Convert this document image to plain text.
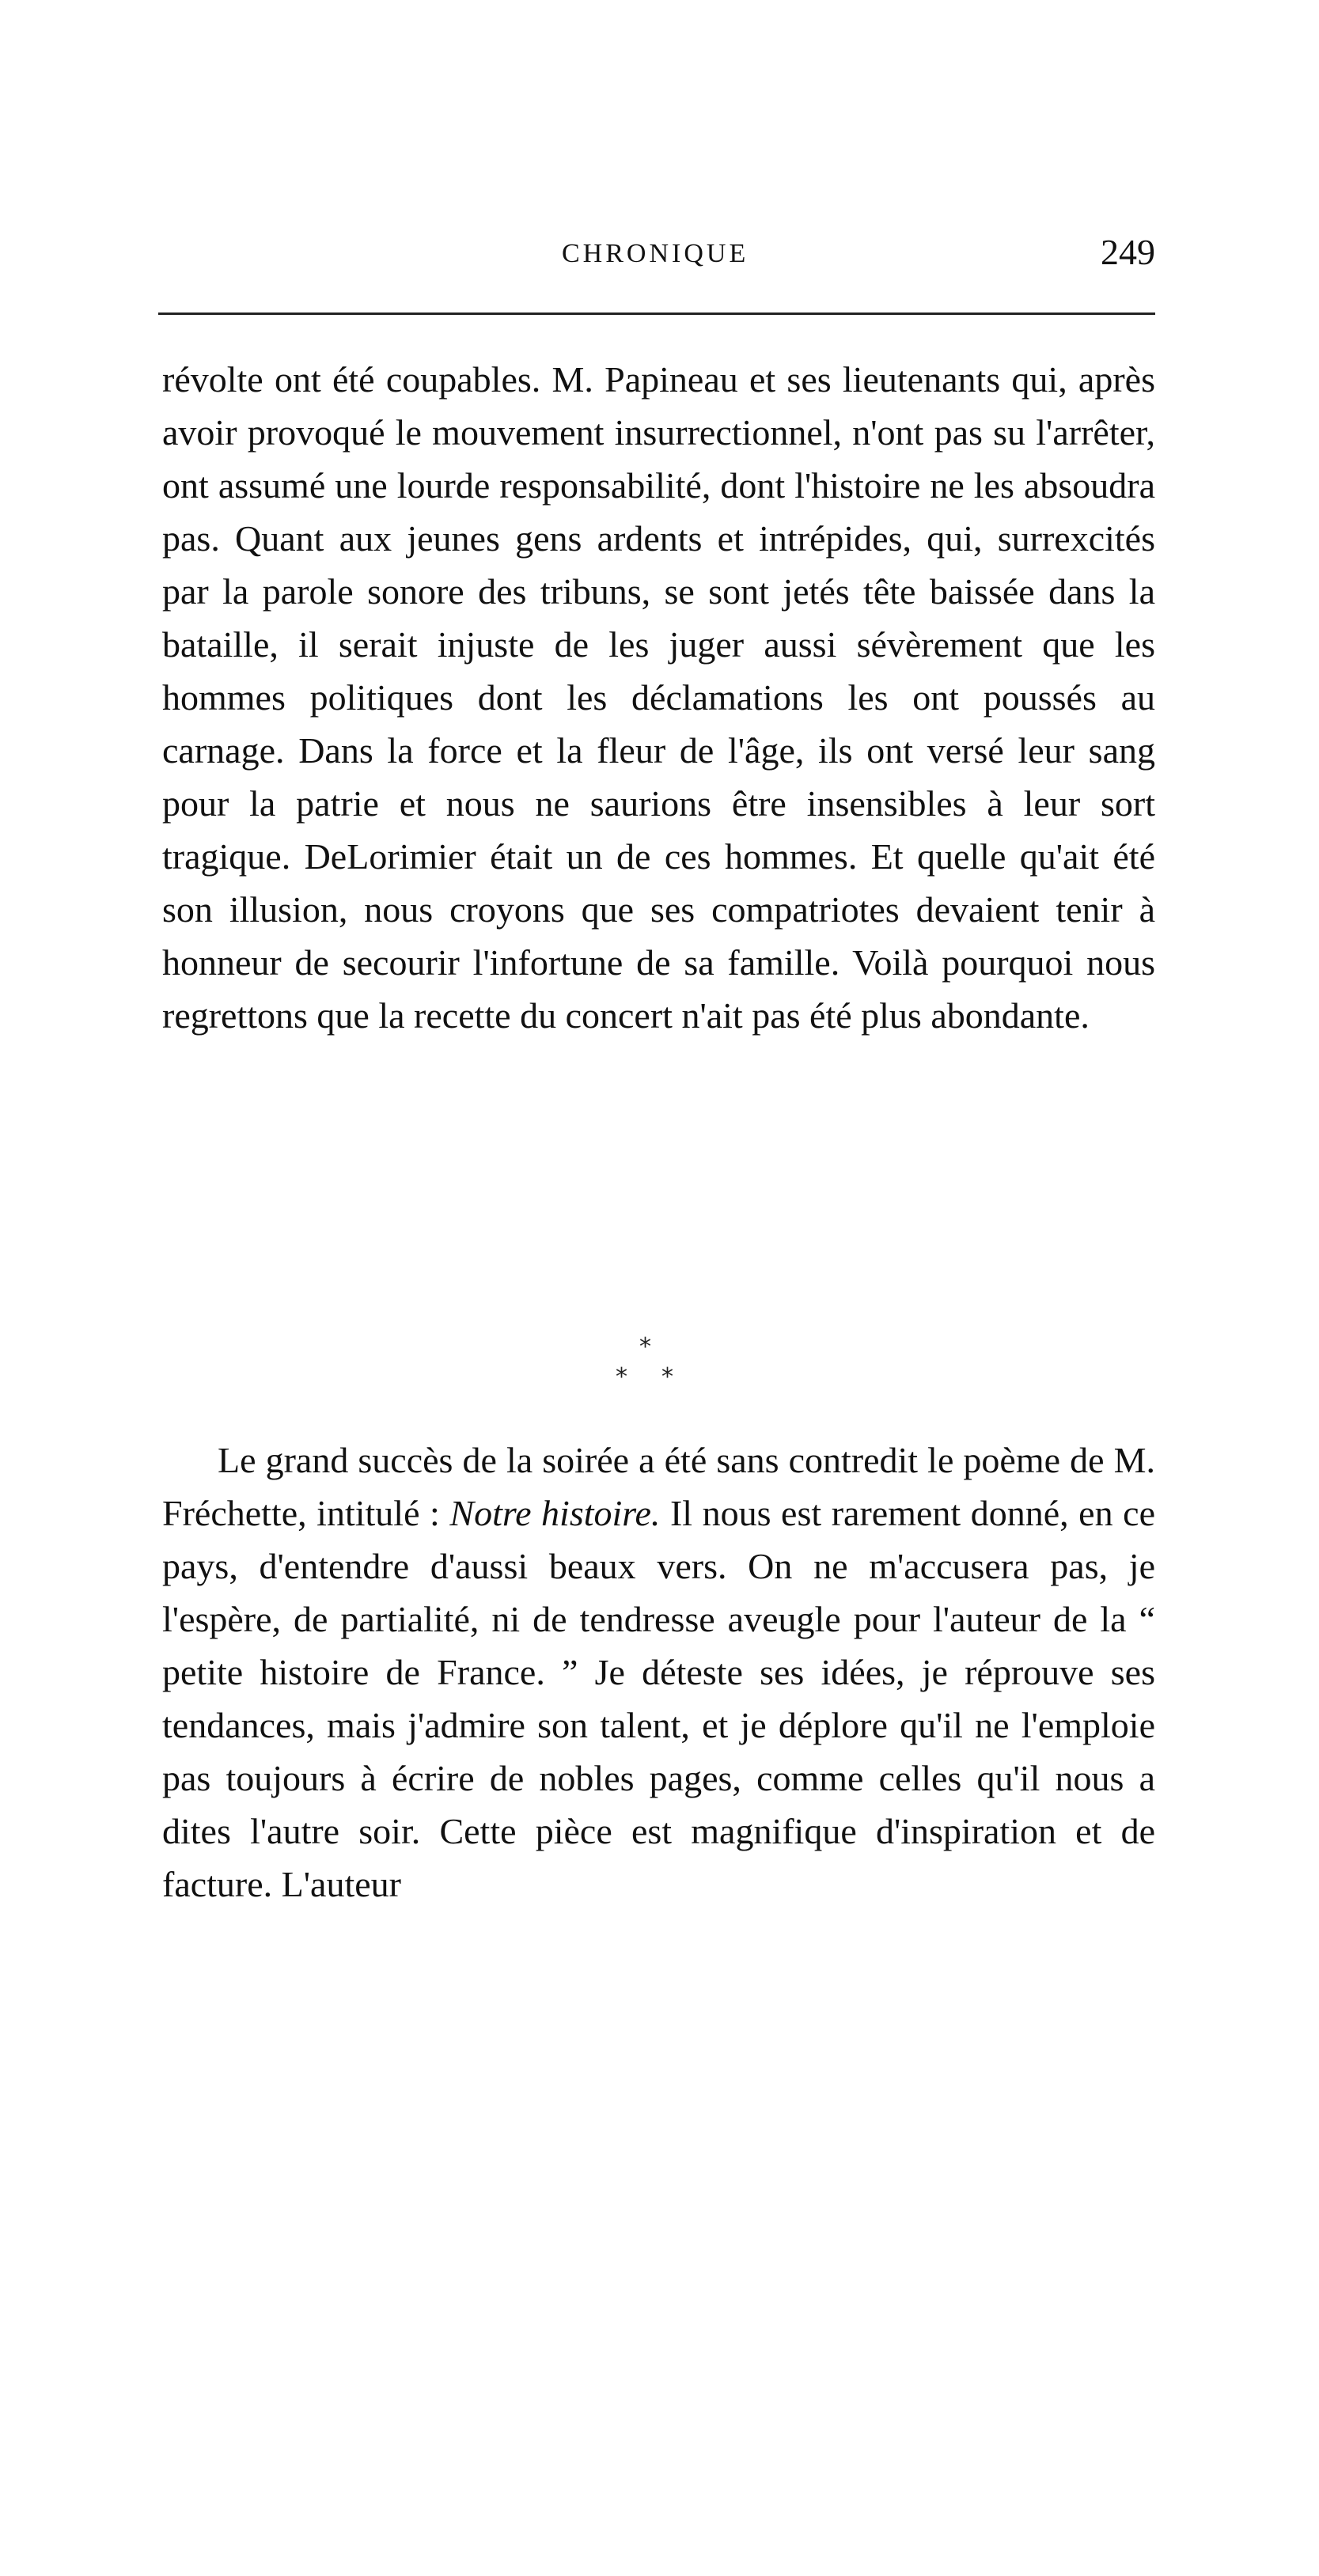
CHRONIQUE	249

révolte ont été coupables. M. Papineau et ses lieutenants qui, après avoir provoqué le mouvement insurrectionnel, n'ont pas su l'arrêter, ont assumé une lourde responsabilité, dont l'histoire ne les absoudra pas. Quant aux jeunes gens ardents et intrépides, qui, surrexcités par la parole sonore des tribuns, se sont jetés tête baissée dans la bataille, il serait injuste de les juger aussi sévèrement que les hommes politiques dont les déclamations les ont poussés au carnage. Dans la force et la fleur de l'âge, ils ont versé leur sang pour la patrie et nous ne saurions être insensibles à leur sort tragique. DeLorimier était un de ces hommes. Et quelle qu'ait été son illusion, nous croyons que ses compatriotes devaient tenir à honneur de secourir l'infortune de sa famille. Voilà pourquoi nous regrettons que la recette du concert n'ait pas été plus abondante.

*
* *

Le grand succès de la soirée a été sans contredit le poème de M. Fréchette, intitulé : Notre histoire. Il nous est rarement donné, en ce pays, d'entendre d'aussi beaux vers. On ne m'accusera pas, je l'espère, de partialité, ni de tendresse aveugle pour l'auteur de la “ petite histoire de France. ” Je déteste ses idées, je réprouve ses tendances, mais j'admire son talent, et je déplore qu'il ne l'emploie pas toujours à écrire de nobles pages, comme celles qu'il nous a dites l'autre soir. Cette pièce est magnifique d'inspiration et de facture. L'auteur
